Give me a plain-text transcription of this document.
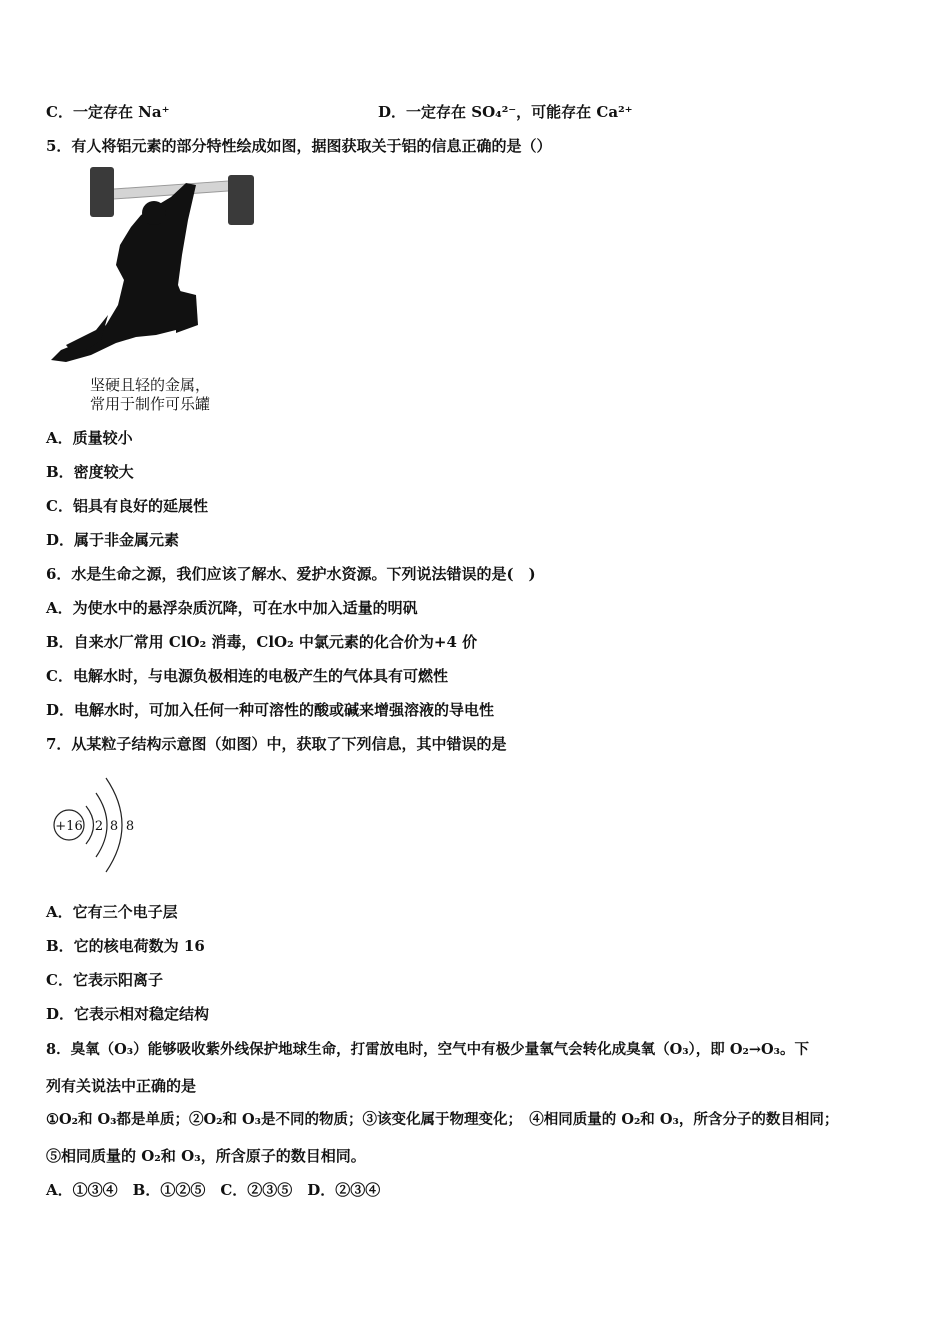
C．一定存在 Na⁺	D．一定存在 SO₄²⁻，可能存在 Ca²⁺
5．有人将铝元素的部分特性绘成如图，据图获取关于铝的信息正确的是（）
坚硬且轻的金属，
常用于制作可乐罐
A．质量较小
B．密度较大
C．铝具有良好的延展性
D．属于非金属元素
6．水是生命之源，我们应该了解水、爱护水资源。下列说法错误的是(　)
A．为使水中的悬浮杂质沉降，可在水中加入适量的明矾
B．自来水厂常用 ClO₂ 消毒，ClO₂ 中氯元素的化合价为+4 价
C．电解水时，与电源负极相连的电极产生的气体具有可燃性
D．电解水时，可加入任何一种可溶性的酸或碱来增强溶液的导电性
7．从某粒子结构示意图（如图）中，获取了下列信息，其中错误的是
+16 2 8 8
A．它有三个电子层
B．它的核电荷数为 16
C．它表示阳离子
D．它表示相对稳定结构
8．臭氧（O₃）能够吸收紫外线保护地球生命，打雷放电时，空气中有极少量氧气会转化成臭氧（O₃），即 O₂→O₃。下
列有关说法中正确的是
①O₂和 O₃都是单质；②O₂和 O₃是不同的物质；③该变化属于物理变化；　④相同质量的 O₂和 O₃，所含分子的数目相同；
⑤相同质量的 O₂和 O₃，所含原子的数目相同。
A．①③④　B．①②⑤　C．②③⑤　D．②③④
